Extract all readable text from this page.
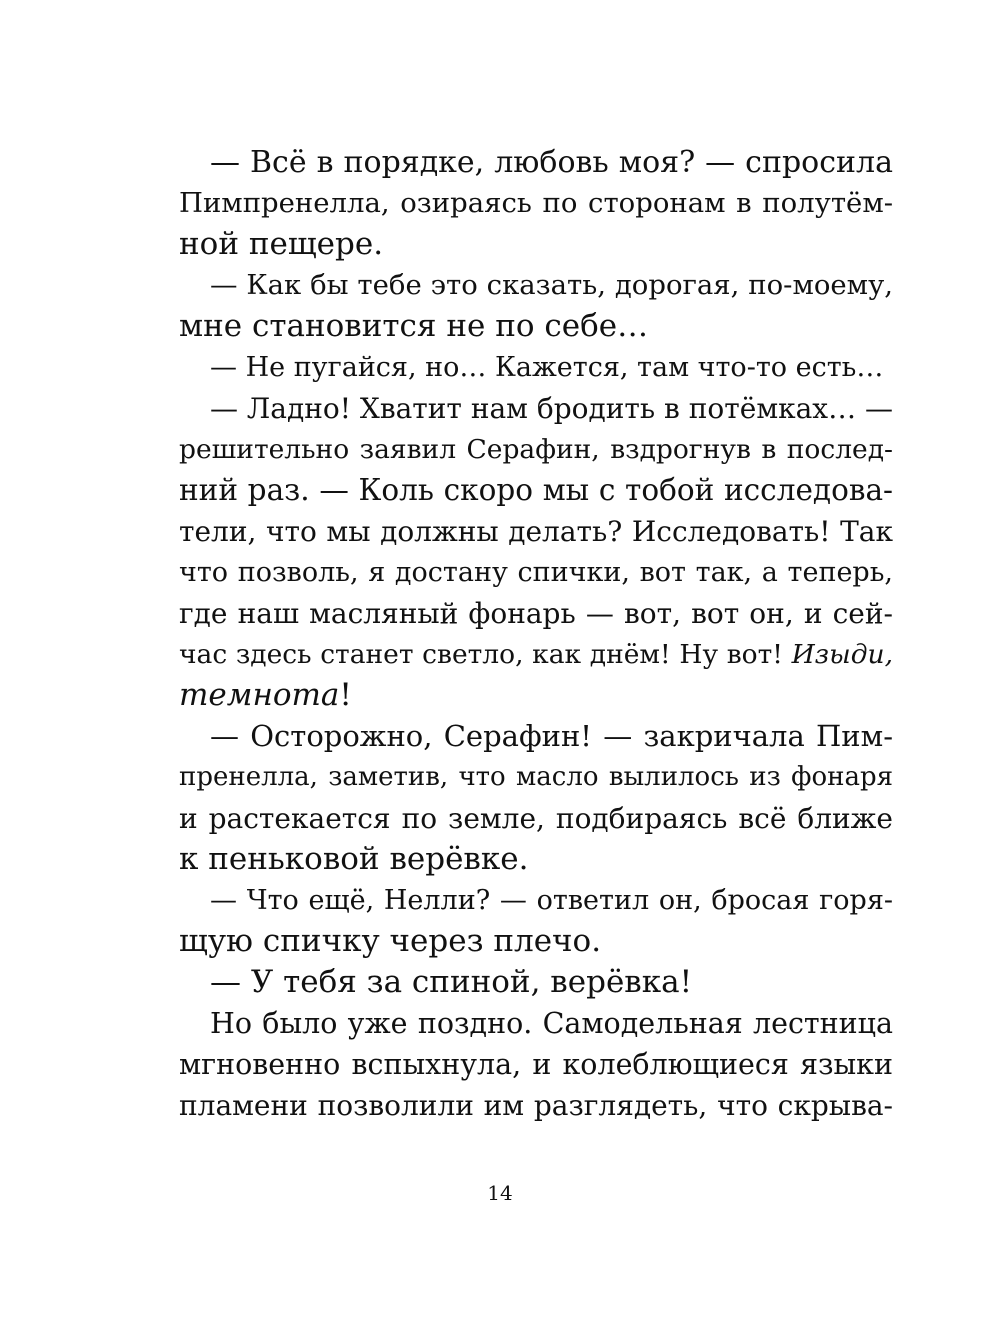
— Всё в порядке, любовь моя? — спросила
Пимпренелла, озираясь по сторонам в полутём-
ной пещере.
— Как бы тебе это сказать, дорогая, по-моему,
мне становится не по себе…
— Не пугайся, но… Кажется, там что-то есть…
— Ладно! Хватит нам бродить в потёмках… —
решительно заявил Серафин, вздрогнув в послед-
ний раз. — Коль скоро мы с тобой исследова-
тели, что мы должны делать? Исследовать! Так
что позволь, я достану спички, вот так, а теперь,
где наш масляный фонарь — вот, вот он, и сей-
час здесь станет светло, как днём! Ну вот! Изыди,
темнота!
— Осторожно, Серафин! — закричала Пим-
пренелла, заметив, что масло вылилось из фонаря
и растекается по земле, подбираясь всё ближе
к пеньковой верёвке.
— Что ещё, Нелли? — ответил он, бросая горя-
щую спичку через плечо.
— У тебя за спиной, верёвка!
Но было уже поздно. Самодельная лестница
мгновенно вспыхнула, и колеблющиеся языки
пламени позволили им разглядеть, что скрыва-
14
